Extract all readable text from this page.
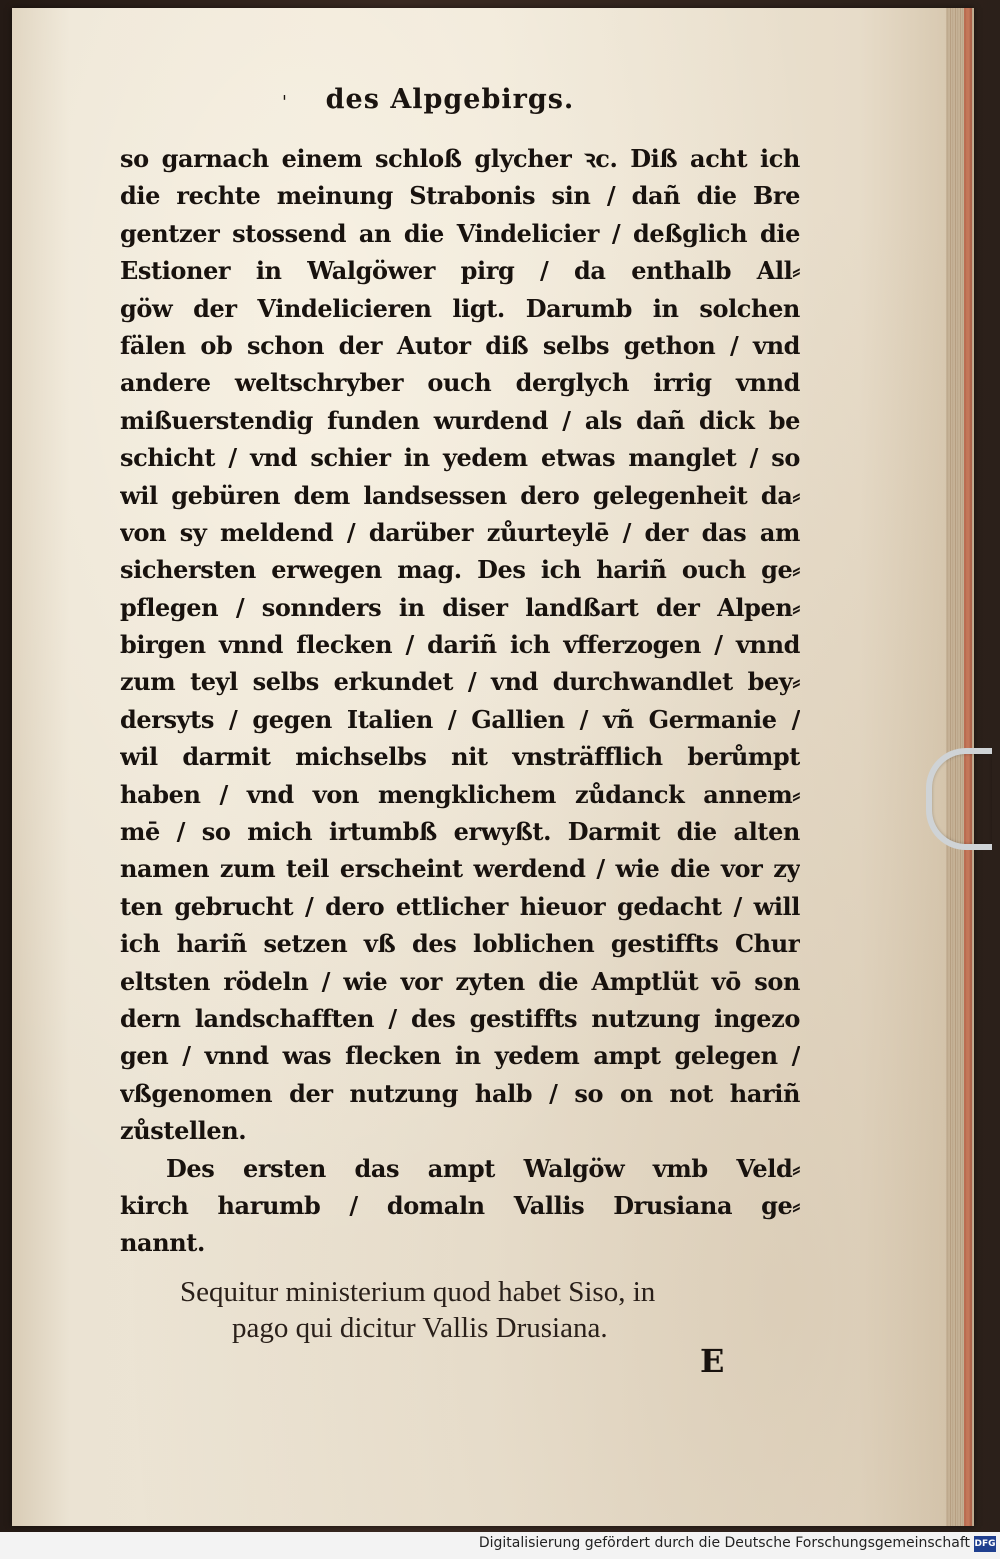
'	des Alpgebirgs.
so garnach einem schloß glycher ꝛc. Diß acht ich
die rechte meinung Strabonis sin / dañ die Bre
gentzer stossend an die Vindelicier / deßglich die
Estioner in Walgöwer pirg / da enthalb All⸗
göw der Vindelicieren ligt. Darumb in solchen
fälen ob schon der Autor diß selbs gethon / vnd
andere weltschryber ouch derglych irrig vnnd
mißuerstendig funden wurdend / als dañ dick be
schicht / vnd schier in yedem etwas manglet / so
wil gebüren dem landsessen dero gelegenheit da⸗
von sy meldend / darüber zůurteylē / der das am
sichersten erwegen mag. Des ich hariñ ouch ge⸗
pflegen / sonnders in diser landßart der Alpen⸗
birgen vnnd flecken / dariñ ich vfferzogen / vnnd
zum teyl selbs erkundet / vnd durchwandlet bey⸗
dersyts / gegen Italien / Gallien / vñ Germanie /
wil darmit michselbs nit vnsträfflich berůmpt
haben / vnd von mengklichem zůdanck annem⸗
mē / so mich irtumbß erwyßt. Darmit die alten
namen zum teil erscheint werdend / wie die vor zy
ten gebrucht / dero ettlicher hieuor gedacht / will
ich hariñ setzen vß des loblichen gestiffts Chur
eltsten rödeln / wie vor zyten die Amptlüt vō son
dern landschafften / des gestiffts nutzung ingezo
gen / vnnd was flecken in yedem ampt gelegen /
vßgenomen der nutzung halb / so on not hariñ
zůstellen.
Des ersten das ampt Walgöw vmb Veld⸗
kirch harumb / domaln Vallis Drusiana ge⸗
nannt.
Sequitur ministerium quod habet Siso, in
pago qui dicitur Vallis Drusiana.
E
Digitalisierung gefördert durch die Deutsche Forschungsgemeinschaft DFG
